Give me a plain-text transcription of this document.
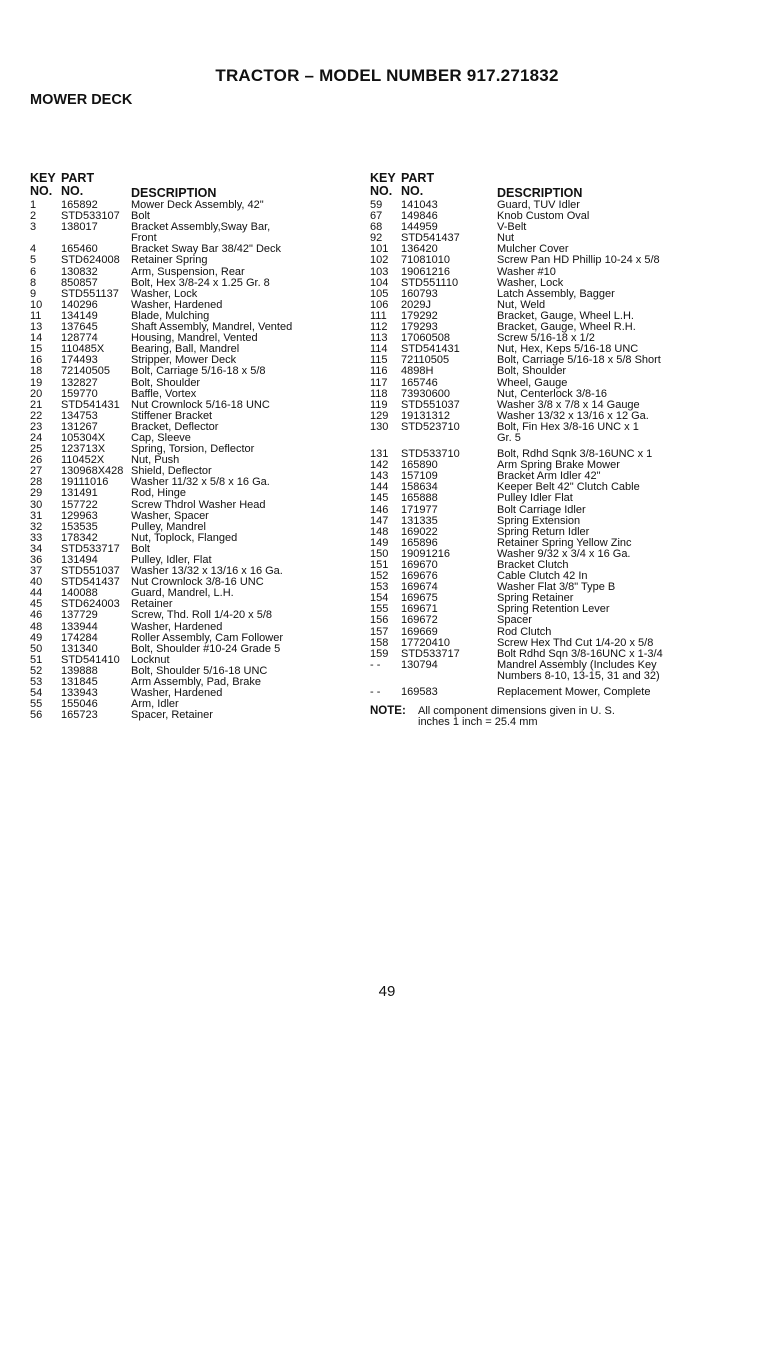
TRACTOR – MODEL NUMBER 917.271832
MOWER DECK
KEY
NO.
PART
NO.	DESCRIPTION
1	165892	Mower Deck Assembly, 42"
2	STD533107	Bolt
3	138017	Bracket Assembly,Sway Bar,
Front
4	165460	Bracket Sway Bar 38/42" Deck
5	STD624008	Retainer Spring
6	130832	Arm, Suspension, Rear
8	850857	Bolt, Hex 3/8-24 x 1.25 Gr. 8
9	STD551137	Washer, Lock
10	140296	Washer, Hardened
11	134149	Blade, Mulching
13	137645	Shaft Assembly, Mandrel, Vented
14	128774	Housing, Mandrel, Vented
15	110485X	Bearing, Ball, Mandrel
16	174493	Stripper, Mower Deck
18	72140505	Bolt, Carriage 5/16-18 x 5/8
19	132827	Bolt, Shoulder
20	159770	Baffle, Vortex
21	STD541431	Nut Crownlock 5/16-18 UNC
22	134753	Stiffener Bracket
23	131267	Bracket, Deflector
24	105304X	Cap, Sleeve
25	123713X	Spring, Torsion, Deflector
26	110452X	Nut, Push
27	130968X428 Shield, Deflector
28	19111016	Washer 11/32 x 5/8 x 16 Ga.
29	131491	Rod, Hinge
30	157722	Screw Thdrol Washer Head
31	129963	Washer, Spacer
32	153535	Pulley, Mandrel
33	178342	Nut, Toplock, Flanged
34	STD533717	Bolt
36	131494	Pulley, Idler, Flat
37	STD551037	Washer 13/32 x 13/16 x 16 Ga.
40	STD541437	Nut Crownlock 3/8-16 UNC
44	140088	Guard, Mandrel, L.H.
45	STD624003	Retainer
46	137729	Screw, Thd. Roll 1/4-20 x 5/8
48	133944	Washer, Hardened
49	174284	Roller Assembly, Cam Follower
50	131340	Bolt, Shoulder #10-24 Grade 5
51	STD541410	Locknut
52	139888	Bolt, Shoulder 5/16-18 UNC
53	131845	Arm Assembly, Pad, Brake
54	133943	Washer, Hardened
55	155046	Arm, Idler
56	165723	Spacer, Retainer
KEY
NO.
PART
NO.	DESCRIPTION
59	141043	Guard, TUV Idler
67	149846	Knob Custom Oval
68	144959	V-Belt
92	STD541437	Nut
101	136420	Mulcher Cover
102	71081010	Screw Pan HD Phillip 10-24 x 5/8
103	19061216	Washer #10
104	STD551110	Washer, Lock
105	160793	Latch Assembly, Bagger
106	2029J	Nut, Weld
111	179292	Bracket, Gauge, Wheel L.H.
112	179293	Bracket, Gauge, Wheel R.H.
113	17060508	Screw 5/16-18 x 1/2
114	STD541431	Nut, Hex, Keps 5/16-18 UNC
115	72110505	Bolt, Carriage 5/16-18 x 5/8 Short
116	4898H	Bolt, Shoulder
117	165746	Wheel, Gauge
118	73930600	Nut, Centerlock 3/8-16
119	STD551037	Washer 3/8 x 7/8 x 14 Gauge
129	19131312	Washer 13/32 x 13/16 x 12 Ga.
130	STD523710	Bolt, Fin Hex 3/8-16 UNC x 1
Gr. 5
131	STD533710	Bolt, Rdhd Sqnk 3/8-16UNC x 1
142	165890	Arm Spring Brake Mower
143	157109	Bracket Arm Idler 42"
144	158634	Keeper Belt 42" Clutch Cable
145	165888	Pulley Idler Flat
146	171977	Bolt Carriage Idler
147	131335	Spring Extension
148	169022	Spring Return Idler
149	165896	Retainer Spring Yellow Zinc
150	19091216	Washer 9/32 x 3/4 x 16 Ga.
151	169670	Bracket Clutch
152	169676	Cable Clutch 42 In
153	169674	Washer Flat 3/8" Type B
154	169675	Spring Retainer
155	169671	Spring Retention Lever
156	169672	Spacer
157	169669	Rod Clutch
158	17720410	Screw Hex Thd Cut 1/4-20 x 5/8
159	STD533717	Bolt Rdhd Sqn 3/8-16UNC x 1-3/4
- -	130794	Mandrel Assembly (Includes Key
Numbers 8-10, 13-15, 31 and 32)
- -	169583	Replacement Mower, Complete
NOTE:	All component dimensions given in U. S.
inches 1 inch = 25.4 mm
49
